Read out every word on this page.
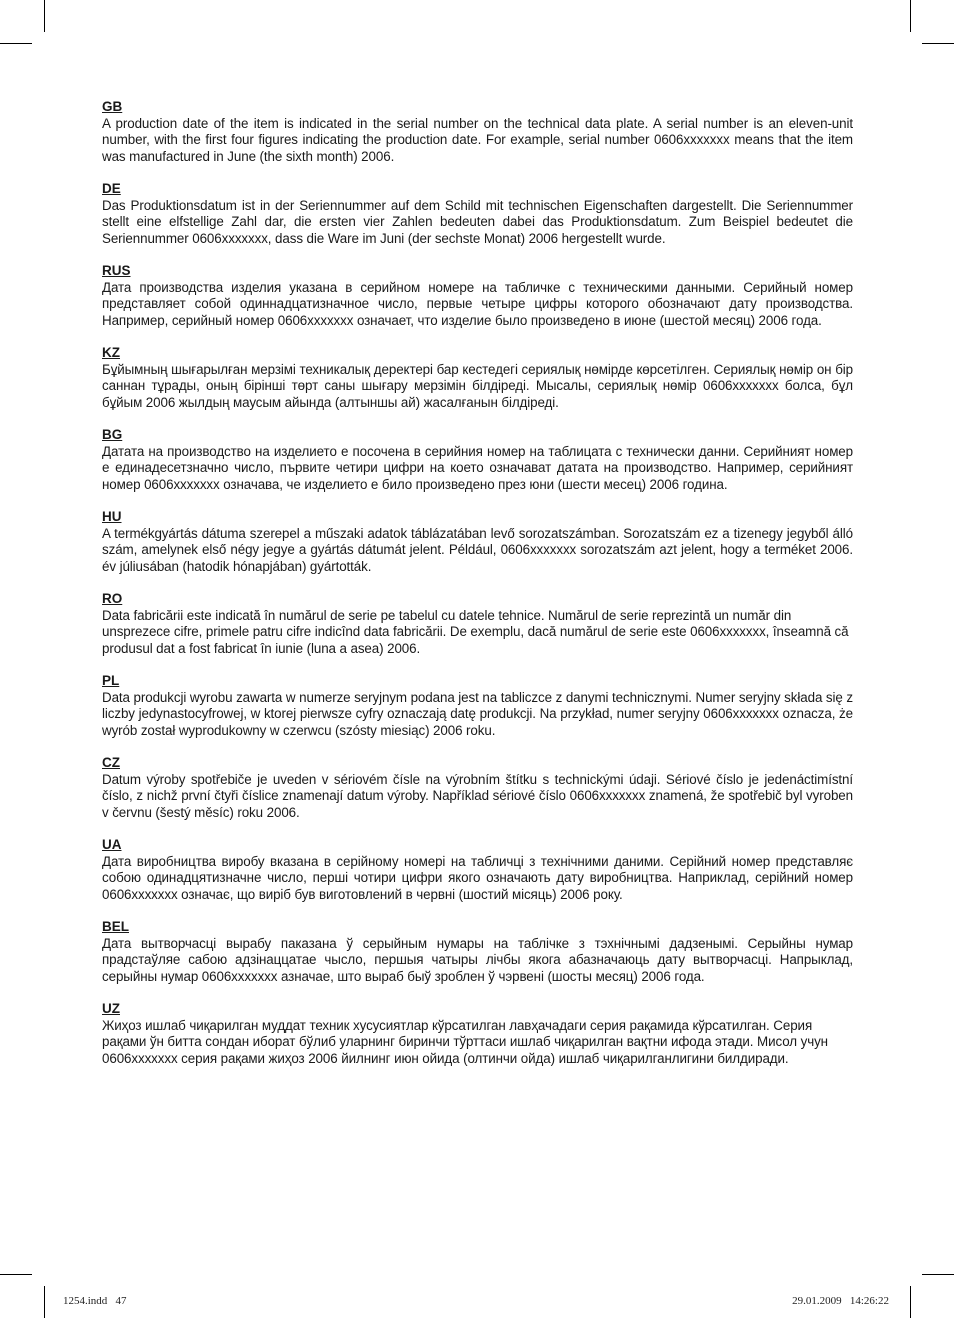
GB
A production date of the item is indicated in the serial number on the technical data plate. A serial number is an eleven-unit number, with the first four figures indicating the production date. For example, serial number 0606xxxxxxx means that the item was manufactured in June (the sixth month) 2006.
DE
Das Produktionsdatum ist in der Seriennummer auf dem Schild mit technischen Eigenschaften dargestellt. Die Seriennummer stellt eine elfstellige Zahl dar, die ersten vier Zahlen bedeuten dabei das Produktionsdatum. Zum Beispiel bedeutet die Seriennummer 0606xxxxxxx, dass die Ware im Juni (der sechste Monat) 2006 hergestellt wurde.
RUS
Дата производства изделия указана в серийном номере на табличке с техническими данными. Серийный номер представляет собой одиннадцатизначное число, первые четыре цифры которого обозначают дату производства. Например, серийный номер 0606xxxxxxx означает, что изделие было произведено в июне (шестой месяц) 2006 года.
KZ
Бұйымның шығарылған мерзімі техникалық деректері бар кестедегі сериялық нөмірде көрсетілген. Сериялық нөмір он бір саннан тұрады, оның бірінші төрт саны шығару мерзімін білдіреді. Мысалы, сериялық нөмір 0606xxxxxxx болса, бұл бұйым 2006 жылдың маусым айында (алтыншы ай) жасалғанын білдіреді.
BG
Датата на производство на изделието е посочена в серийния номер на таблицата с технически данни. Серийният номер е единадесетзначно число, първите четири цифри на което означават датата на производство. Например, серийният номер 0606xxxxxxx означава, че изделието е било произведено през юни (шести месец) 2006 година.
HU
A termékgyártás dátuma szerepel a műszaki adatok táblázatában levő sorozatszámban. Sorozatszám ez a tizenegy jegyből álló szám, amelynek első négy jegye a gyártás dátumát jelent. Például, 0606xxxxxxx sorozatszám azt jelent, hogy a terméket 2006. év júliusában (hatodik hónapjában) gyártották.
RO
Data fabricării este indicată în numărul de serie pe tabelul cu datele tehnice. Numărul de serie reprezintă un număr din unsprezece cifre, primele patru cifre indicînd data fabricării. De exemplu, dacă numărul de serie este 0606xxxxxxx, înseamnă că produsul dat a fost fabricat în iunie (luna a asea) 2006.
PL
Data produkcji wyrobu zawarta w numerze seryjnym podana jest na tabliczce z danymi technicznymi. Numer seryjny składa się z liczby jedynastocyfrowej, w ktorej pierwsze cyfry oznaczają datę produkcji. Na przykład, numer seryjny 0606xxxxxxx oznacza, że wyrób został wyprodukowny w czerwcu (szósty miesiąc) 2006 roku.
CZ
Datum výroby spotřebiče je uveden v sériovém čísle na výrobním štítku s technickými údaji. Sériové číslo je jedenáctimístní číslo, z nichž první čtyři číslice znamenají datum výroby. Například sériové číslo 0606xxxxxxx znamená, že spotřebič byl vyroben v červnu (šestý měsíc) roku 2006.
UA
Дата виробництва виробу вказана в серійному номері на табличці з технічними даними. Серійний номер представляє собою одинадцятизначне число, перші чотири цифри якого означають дату виробництва. Наприклад, серійний номер 0606xxxxxxx означає, що виріб був виготовлений в червні (шостий місяць) 2006 року.
BEL
Дата вытворчасці вырабу паказана ў серыйным нумары на таблічке з тэхнічнымі дадзенымі. Серыйны нумар прадстаўляе сабою адзінаццатае чысло, першыя чатыры лічбы якога абазначаюць дату вытворчасці. Напрыклад, серыйны нумар 0606xxxxxxx азначае, што выраб быў зроблен ў чэрвені (шосты месяц) 2006 года.
UZ
Жиҳоз ишлаб чиқарилган муддат техник хусусиятлар кўрсатилган лавҳачадаги серия рақамида кўрсатилган. Серия рақами ўн битта сондан иборат бўлиб уларнинг биринчи тўрттаси ишлаб чиқарилган вақтни ифода этади. Мисол учун 0606xxxxxxx серия рақами жиҳоз 2006 йилнинг июн ойида (олтинчи ойда) ишлаб чиқарилганлигини билдиради.
1254.indd   47	29.01.2009   14:26:22
